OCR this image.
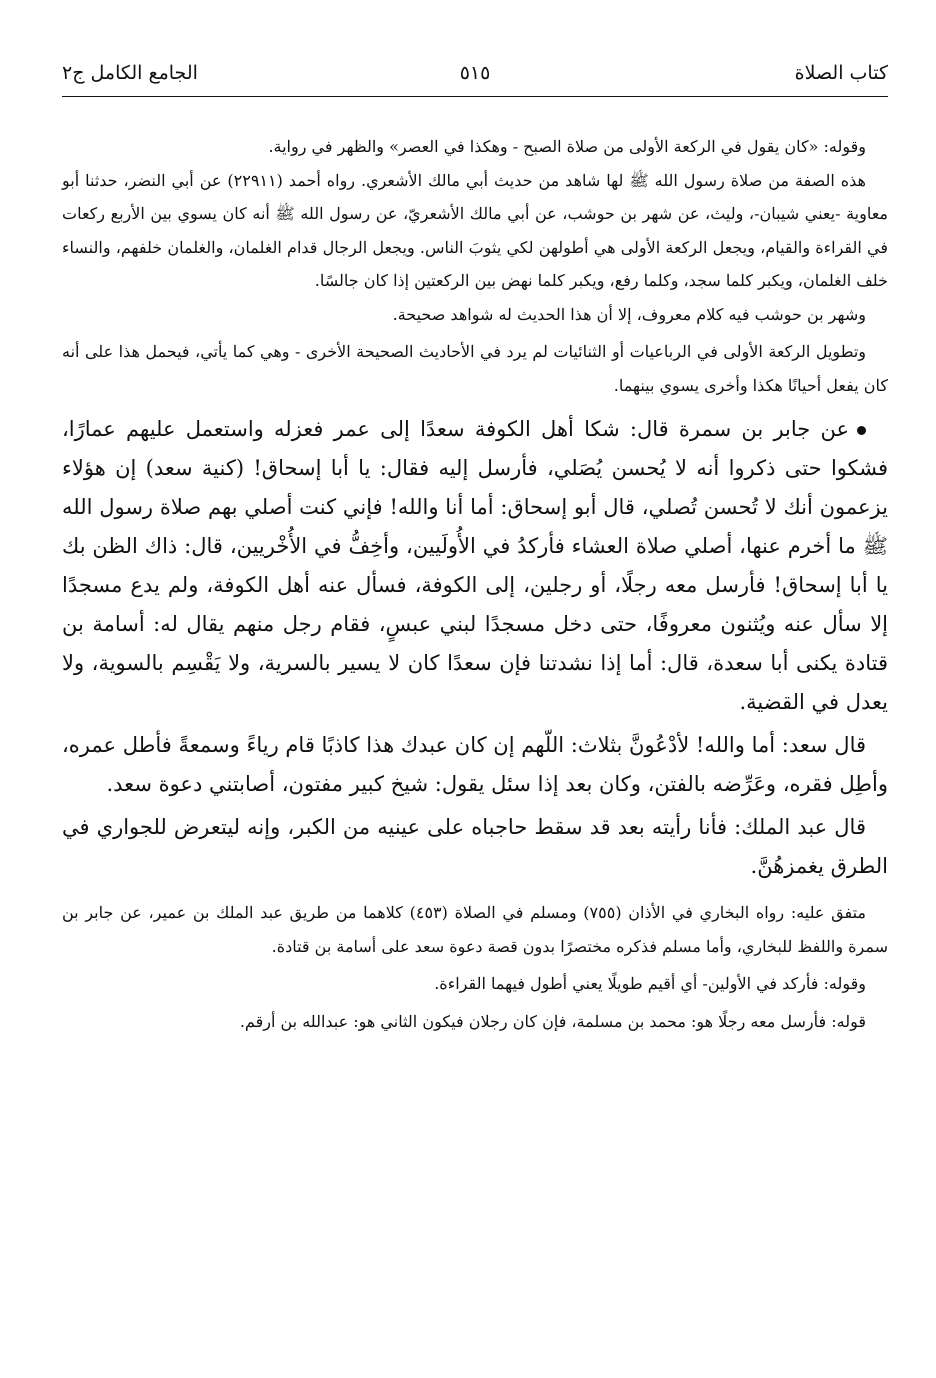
كتاب الصلاة
٥١٥
الجامع الكامل ج٢

وقوله: «كان يقول في الركعة الأولى من صلاة الصبح - وهكذا في العصر» والظهر في رواية.

هذه الصفة من صلاة رسول الله ﷺ لها شاهد من حديث أبي مالك الأشعري. رواه أحمد (٢٢٩١١) عن أبي النضر، حدثنا أبو معاوية -يعني شيبان-، وليث، عن شهر بن حوشب، عن أبي مالك الأشعريّ، عن رسول الله ﷺ أنه كان يسوي بين الأربع ركعات في القراءة والقيام، ويجعل الركعة الأولى هي أطولهن لكي يثوبَ الناس. ويجعل الرجال قدام الغلمان، والغلمان خلفهم، والنساء خلف الغلمان، ويكبر كلما سجد، وكلما رفع، ويكبر كلما نهض بين الركعتين إذا كان جالسًا.

وشهر بن حوشب فيه كلام معروف، إلا أن هذا الحديث له شواهد صحيحة.

وتطويل الركعة الأولى في الرباعيات أو الثنائيات لم يرد في الأحاديث الصحيحة الأخرى - وهي كما يأتي، فيحمل هذا على أنه كان يفعل أحيانًا هكذا وأخرى يسوي بينهما.

عن جابر بن سمرة قال: شكا أهل الكوفة سعدًا إلى عمر فعزله واستعمل عليهم عمارًا، فشكوا حتى ذكروا أنه لا يُحسن يُصَلي، فأرسل إليه فقال: يا أبا إسحاق! (كنية سعد) إن هؤلاء يزعمون أنك لا تُحسن تُصلي، قال أبو إسحاق: أما أنا والله! فإني كنت أصلي بهم صلاة رسول الله ﷺ ما أخرم عنها، أصلي صلاة العشاء فأركدُ في الأُولَيين، وأخِفُّ في الأُخْريين، قال: ذاك الظن بك يا أبا إسحاق! فأرسل معه رجلًا، أو رجلين، إلى الكوفة، فسأل عنه أهل الكوفة، ولم يدع مسجدًا إلا سأل عنه ويُثنون معروفًا، حتى دخل مسجدًا لبني عبسٍ، فقام رجل منهم يقال له: أسامة بن قتادة يكنى أبا سعدة، قال: أما إذا نشدتنا فإن سعدًا كان لا يسير بالسرية، ولا يَقْسِم بالسوية، ولا يعدل في القضية.

قال سعد: أما والله! لأدْعُونَّ بثلاث: اللّهم إن كان عبدك هذا كاذبًا قام رياءً وسمعةً فأطل عمره، وأطِل فقره، وعَرِّضه بالفتن، وكان بعد إذا سئل يقول: شيخ كبير مفتون، أصابتني دعوة سعد.

قال عبد الملك: فأنا رأيته بعد قد سقط حاجباه على عينيه من الكبر، وإنه ليتعرض للجواري في الطرق يغمزهُنَّ.

متفق عليه: رواه البخاري في الأذان (٧٥٥) ومسلم في الصلاة (٤٥٣) كلاهما من طريق عبد الملك بن عمير، عن جابر بن سمرة واللفظ للبخاري، وأما مسلم فذكره مختصرًا بدون قصة دعوة سعد على أسامة بن قتادة.

وقوله: فأركد في الأولين- أي أقيم طويلًا يعني أطول فيهما القراءة.

قوله: فأرسل معه رجلًا هو: محمد بن مسلمة، فإن كان رجلان فيكون الثاني هو: عبدالله بن أرقم.
